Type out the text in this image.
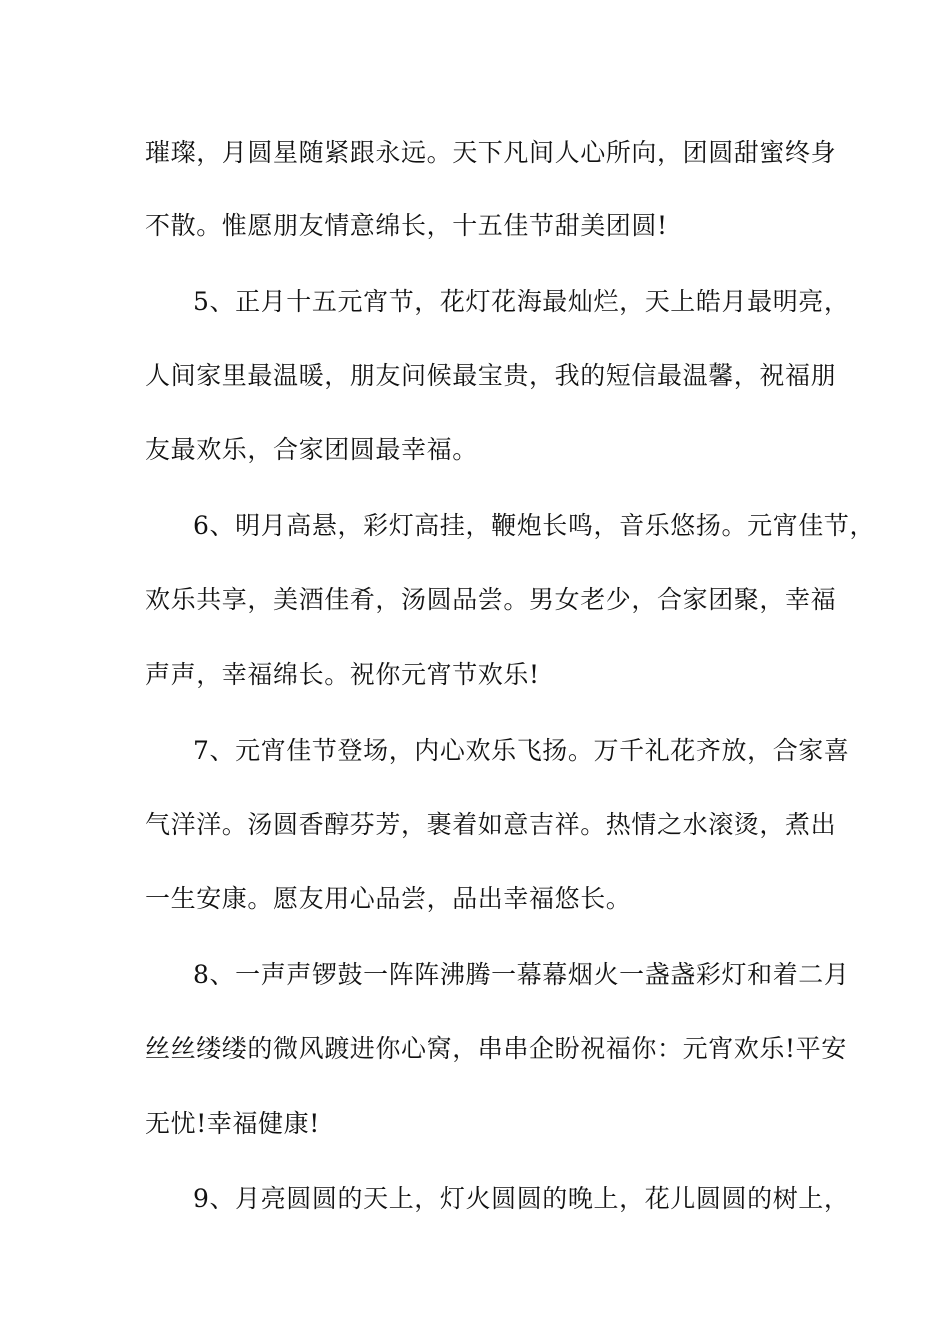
璀璨，月圆星随紧跟永远。天下凡间人心所向，团圆甜蜜终身
不散。惟愿朋友情意绵长，十五佳节甜美团圆!
5、正月十五元宵节，花灯花海最灿烂，天上皓月最明亮，
人间家里最温暖，朋友问候最宝贵，我的短信最温馨，祝福朋
友最欢乐，合家团圆最幸福。
6、明月高悬，彩灯高挂，鞭炮长鸣，音乐悠扬。元宵佳节，
欢乐共享，美酒佳肴，汤圆品尝。男女老少，合家团聚，幸福
声声，幸福绵长。祝你元宵节欢乐!
7、元宵佳节登场，内心欢乐飞扬。万千礼花齐放，合家喜
气洋洋。汤圆香醇芬芳，裹着如意吉祥。热情之水滚烫，煮出
一生安康。愿友用心品尝，品出幸福悠长。
8、一声声锣鼓一阵阵沸腾一幕幕烟火一盏盏彩灯和着二月
丝丝缕缕的微风踱进你心窝，串串企盼祝福你：元宵欢乐!平安
无忧!幸福健康!
9、月亮圆圆的天上，灯火圆圆的晚上，花儿圆圆的树上，
